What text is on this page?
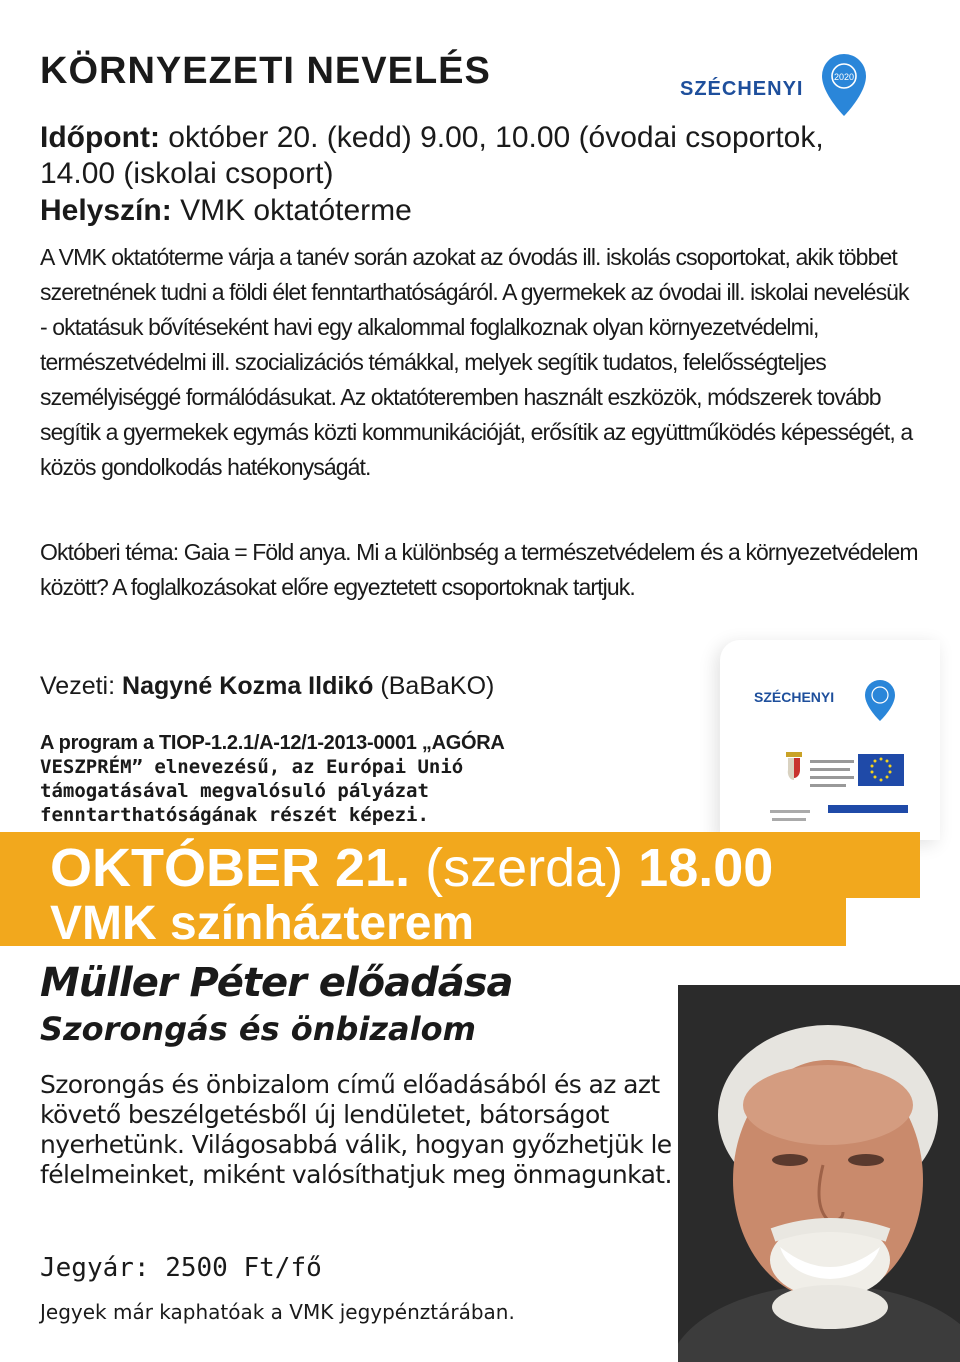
KÖRNYEZETI NEVELÉS
Időpont: október 20. (kedd) 9.00, 10.00 (óvodai csoportok,
14.00 (iskolai csoport)
Helyszín: VMK oktatóterme
A VMK oktatóterme várja a tanév során azokat az óvodás ill. iskolás csoportokat, akik többet szeretnének tudni a földi élet fenntarthatóságáról. A gyermekek az óvodai ill. iskolai nevelésük - oktatásuk bővítéseként havi egy alkalommal foglalkoznak olyan környezetvédelmi, természetvédelmi ill. szocializációs témákkal, melyek segítik tudatos, felelősségteljes személyiséggé formálódásukat. Az oktatóteremben használt eszközök, módszerek tovább segítik a gyermekek egymás közti kommunikációját, erősítik az együttműködés képességét, a közös gondolkodás hatékonyságát.
Októberi téma: Gaia = Föld anya. Mi a különbség a természetvédelem és a környezetvédelem között? A foglalkozásokat előre egyeztetett csoportoknak tartjuk.
Vezeti: Nagyné Kozma Ildikó (BaBaKO)
A program a TIOP-1.2.1/A-12/1-2013-0001 „AGÓRA
VESZPRÉM” elnevezésű, az Európai Unió
támogatásával megvalósuló pályázat
fenntarthatóságának részét képezi.
SZÉCHENYI
2020
SZÉCHENYI
OKTÓBER 21. (szerda) 18.00
VMK színházterem
Müller Péter előadása
Szorongás és önbizalom
Szorongás és önbizalom című előadásából és az azt követő beszélgetésből új lendületet, bátorságot nyerhetünk. Világosabbá válik, hogyan győzhetjük le félelmeinket, miként valósíthatjuk meg önmagunkat.
Jegyár: 2500 Ft/fő
Jegyek már kaphatóak a VMK jegypénztárában.
